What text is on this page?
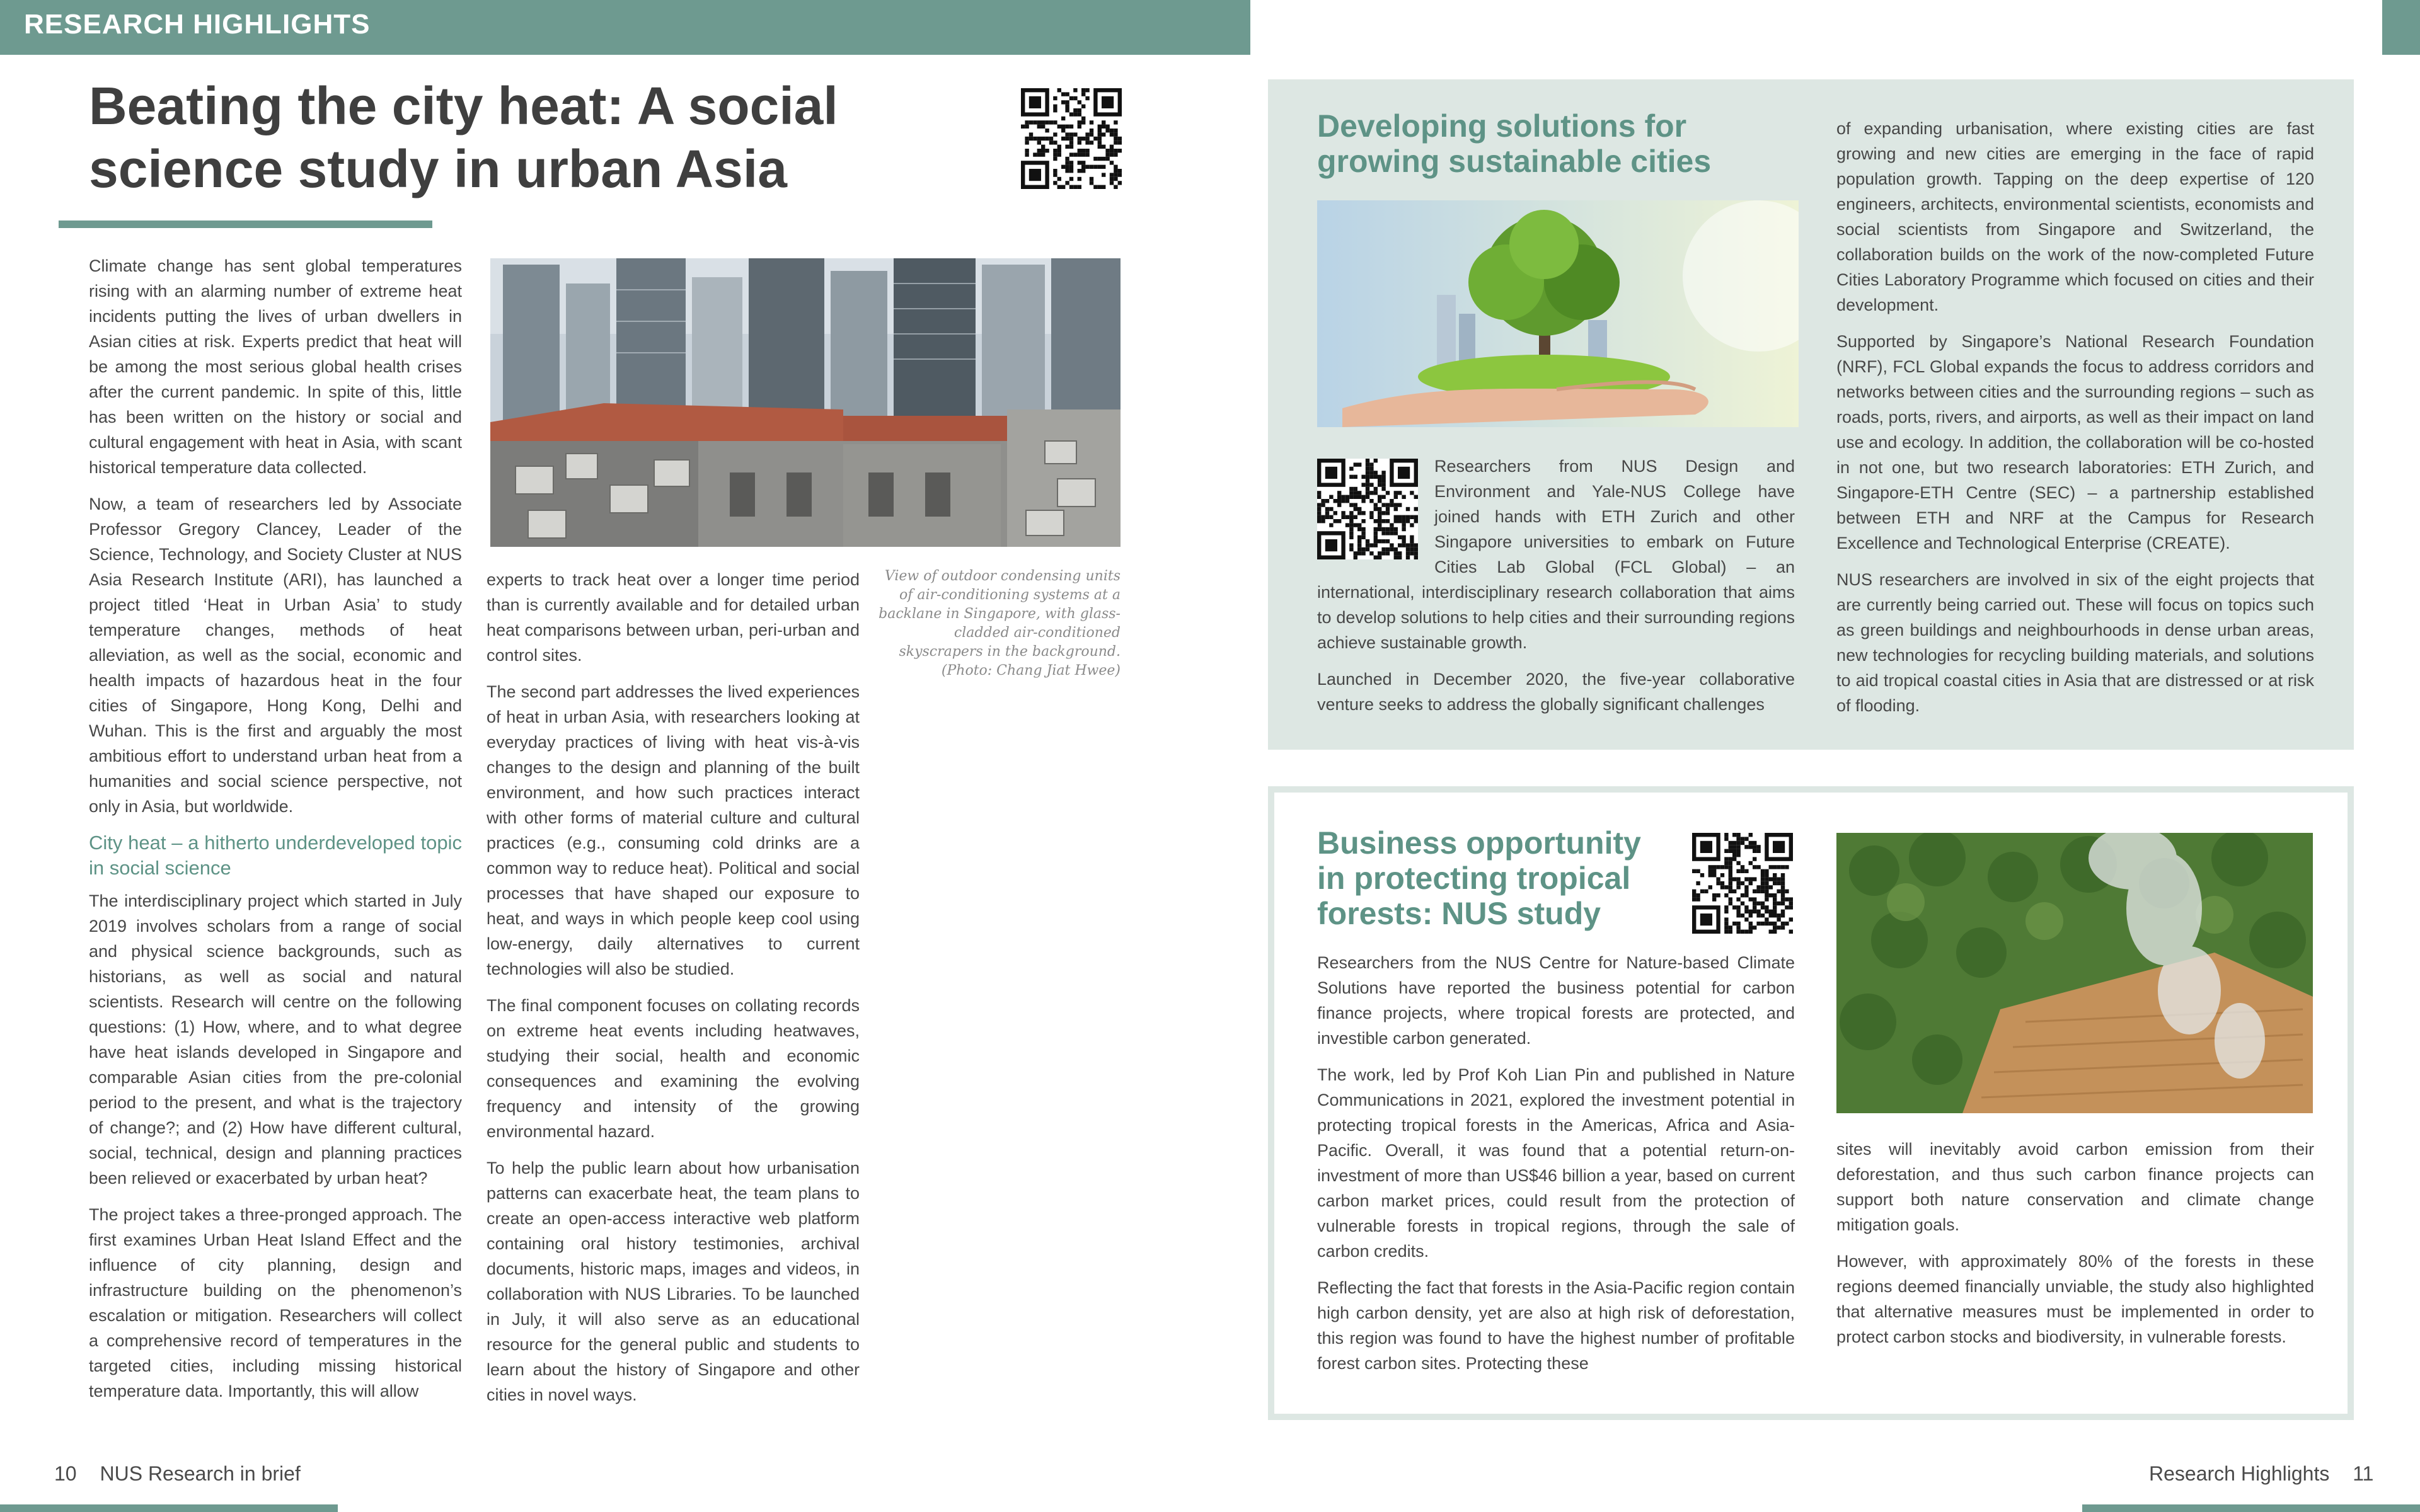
RESEARCH HIGHLIGHTS
Beating the city heat: A social science study in urban Asia

Climate change has sent global temperatures rising with an alarming number of extreme heat incidents putting the lives of urban dwellers in Asian cities at risk. Experts predict that heat will be among the most serious global health crises after the current pandemic. In spite of this, little has been written on the history or social and cultural engagement with heat in Asia, with scant historical temperature data collected.

Now, a team of researchers led by Associate Professor Gregory Clancey, Leader of the Science, Technology, and Society Cluster at NUS Asia Research Institute (ARI), has launched a project titled ‘Heat in Urban Asia’ to study temperature changes, methods of heat alleviation, as well as the social, economic and health impacts of hazardous heat in the four cities of Singapore, Hong Kong, Delhi and Wuhan. This is the first and arguably the most ambitious effort to understand urban heat from a humanities and social science perspective, not only in Asia, but worldwide.

City heat – a hitherto underdeveloped topic in social science

The interdisciplinary project which started in July 2019 involves scholars from a range of social and physical science backgrounds, such as historians, as well as social and natural scientists. Research will centre on the following questions: (1) How, where, and to what degree have heat islands developed in Singapore and comparable Asian cities from the pre-colonial period to the present, and what is the trajectory of change?; and (2) How have different cultural, social, technical, design and planning practices been relieved or exacerbated by urban heat?

The project takes a three-pronged approach. The first examines Urban Heat Island Effect and the influence of city planning, design and infrastructure building on the phenomenon’s escalation or mitigation. Researchers will collect a comprehensive record of temperatures in the targeted cities, including missing historical temperature data. Importantly, this will allow

View of outdoor condensing units of air-conditioning systems at a backlane in Singapore, with glass-cladded air-conditioned skyscrapers in the background. (Photo: Chang Jiat Hwee)

experts to track heat over a longer time period than is currently available and for detailed urban heat comparisons between urban, peri-urban and control sites.

The second part addresses the lived experiences of heat in urban Asia, with researchers looking at everyday practices of living with heat vis-à-vis changes to the design and planning of the built environment, and how such practices interact with other forms of material culture and cultural practices (e.g., consuming cold drinks are a common way to reduce heat). Political and social processes that have shaped our exposure to heat, and ways in which people keep cool using low-energy, daily alternatives to current technologies will also be studied.

The final component focuses on collating records on extreme heat events including heatwaves, studying their social, health and economic consequences and examining the evolving frequency and intensity of the growing environmental hazard.

To help the public learn about how urbanisation patterns can exacerbate heat, the team plans to create an open-access interactive web platform containing oral history testimonies, archival documents, historic maps, images and videos, in collaboration with NUS Libraries. To be launched in July, it will also serve as an educational resource for the general public and students to learn about the history of Singapore and other cities in novel ways.

Developing solutions for growing sustainable cities

Researchers from NUS Design and Environment and Yale-NUS College have joined hands with ETH Zurich and other Singapore universities to embark on Future Cities Lab Global (FCL Global) – an international, interdisciplinary research collaboration that aims to develop solutions to help cities and their surrounding regions achieve sustainable growth.

Launched in December 2020, the five-year collaborative venture seeks to address the globally significant challenges

of expanding urbanisation, where existing cities are fast growing and new cities are emerging in the face of rapid population growth. Tapping on the deep expertise of 120 engineers, architects, environmental scientists, economists and social scientists from Singapore and Switzerland, the collaboration builds on the work of the now-completed Future Cities Laboratory Programme which focused on cities and their development.

Supported by Singapore’s National Research Foundation (NRF), FCL Global expands the focus to address corridors and networks between cities and the surrounding regions – such as roads, ports, rivers, and airports, as well as their impact on land use and ecology. In addition, the collaboration will be co-hosted in not one, but two research laboratories: ETH Zurich, and Singapore-ETH Centre (SEC) – a partnership established between ETH and NRF at the Campus for Research Excellence and Technological Enterprise (CREATE).

NUS researchers are involved in six of the eight projects that are currently being carried out. These will focus on topics such as green buildings and neighbourhoods in dense urban areas, new technologies for recycling building materials, and solutions to aid tropical coastal cities in Asia that are distressed or at risk of flooding.

Business opportunity in protecting tropical forests: NUS study

Researchers from the NUS Centre for Nature-based Climate Solutions have reported the business potential for carbon finance projects, where tropical forests are protected, and investible carbon generated.

The work, led by Prof Koh Lian Pin and published in Nature Communications in 2021, explored the investment potential in protecting tropical forests in the Americas, Africa and Asia-Pacific. Overall, it was found that a potential return-on-investment of more than US$46 billion a year, based on current carbon market prices, could result from the protection of vulnerable forests in tropical regions, through the sale of carbon credits.

Reflecting the fact that forests in the Asia-Pacific region contain high carbon density, yet are also at high risk of deforestation, this region was found to have the highest number of profitable forest carbon sites. Protecting these

sites will inevitably avoid carbon emission from their deforestation, and thus such carbon finance projects can support both nature conservation and climate change mitigation goals.

However, with approximately 80% of the forests in these regions deemed financially unviable, the study also highlighted that alternative measures must be implemented in order to protect carbon stocks and biodiversity, in vulnerable forests.

10 NUS Research in brief	Research Highlights 11
